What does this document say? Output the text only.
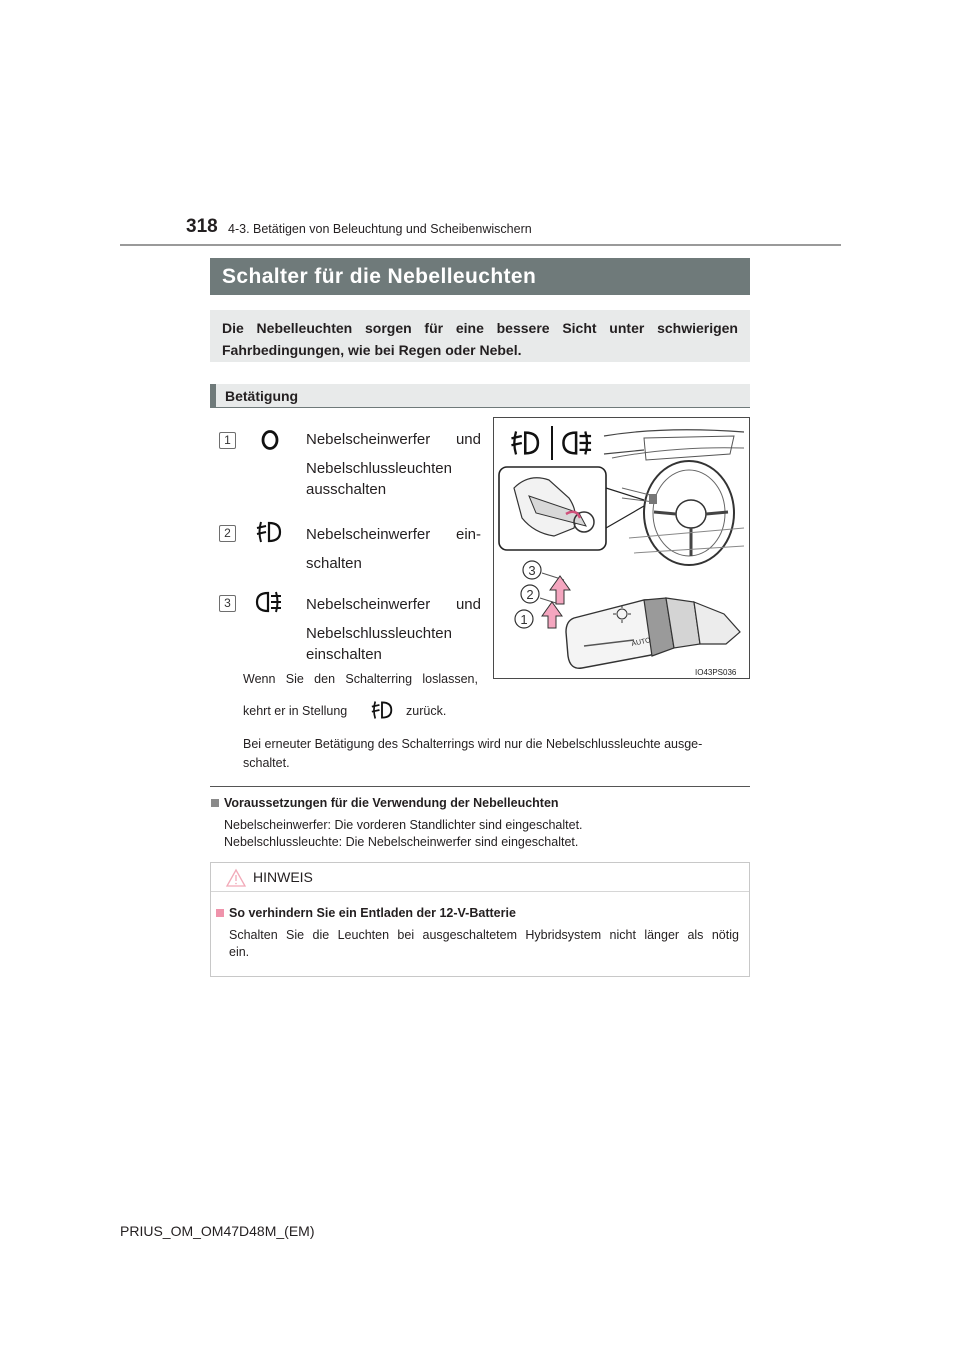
318 4-3. Betätigen von Beleuchtung und Scheibenwischern
Schalter für die Nebelleuchten
Die Nebelleuchten sorgen für eine bessere Sicht unter schwierigen Fahrbedingungen, wie bei Regen oder Nebel.
Betätigung
1	Nebelscheinwerfer und
Nebelschlussleuchten
ausschalten
2	Nebelscheinwerfer ein-
schalten
3	Nebelscheinwerfer und
Nebelschlussleuchten
einschalten
Wenn Sie den Schalterring loslassen,
kehrt er in Stellung	zurück.
Bei erneuter Betätigung des Schalterrings wird nur die Nebelschlussleuchte ausge-
schaltet.
3
2
1
AUTO
IO43PS036
Voraussetzungen für die Verwendung der Nebelleuchten
Nebelscheinwerfer: Die vorderen Standlichter sind eingeschaltet.
Nebelschlussleuchte: Die Nebelscheinwerfer sind eingeschaltet.
HINWEIS
So verhindern Sie ein Entladen der 12-V-Batterie
Schalten Sie die Leuchten bei ausgeschaltetem Hybridsystem nicht länger als nötig
ein.
PRIUS_OM_OM47D48M_(EM)
